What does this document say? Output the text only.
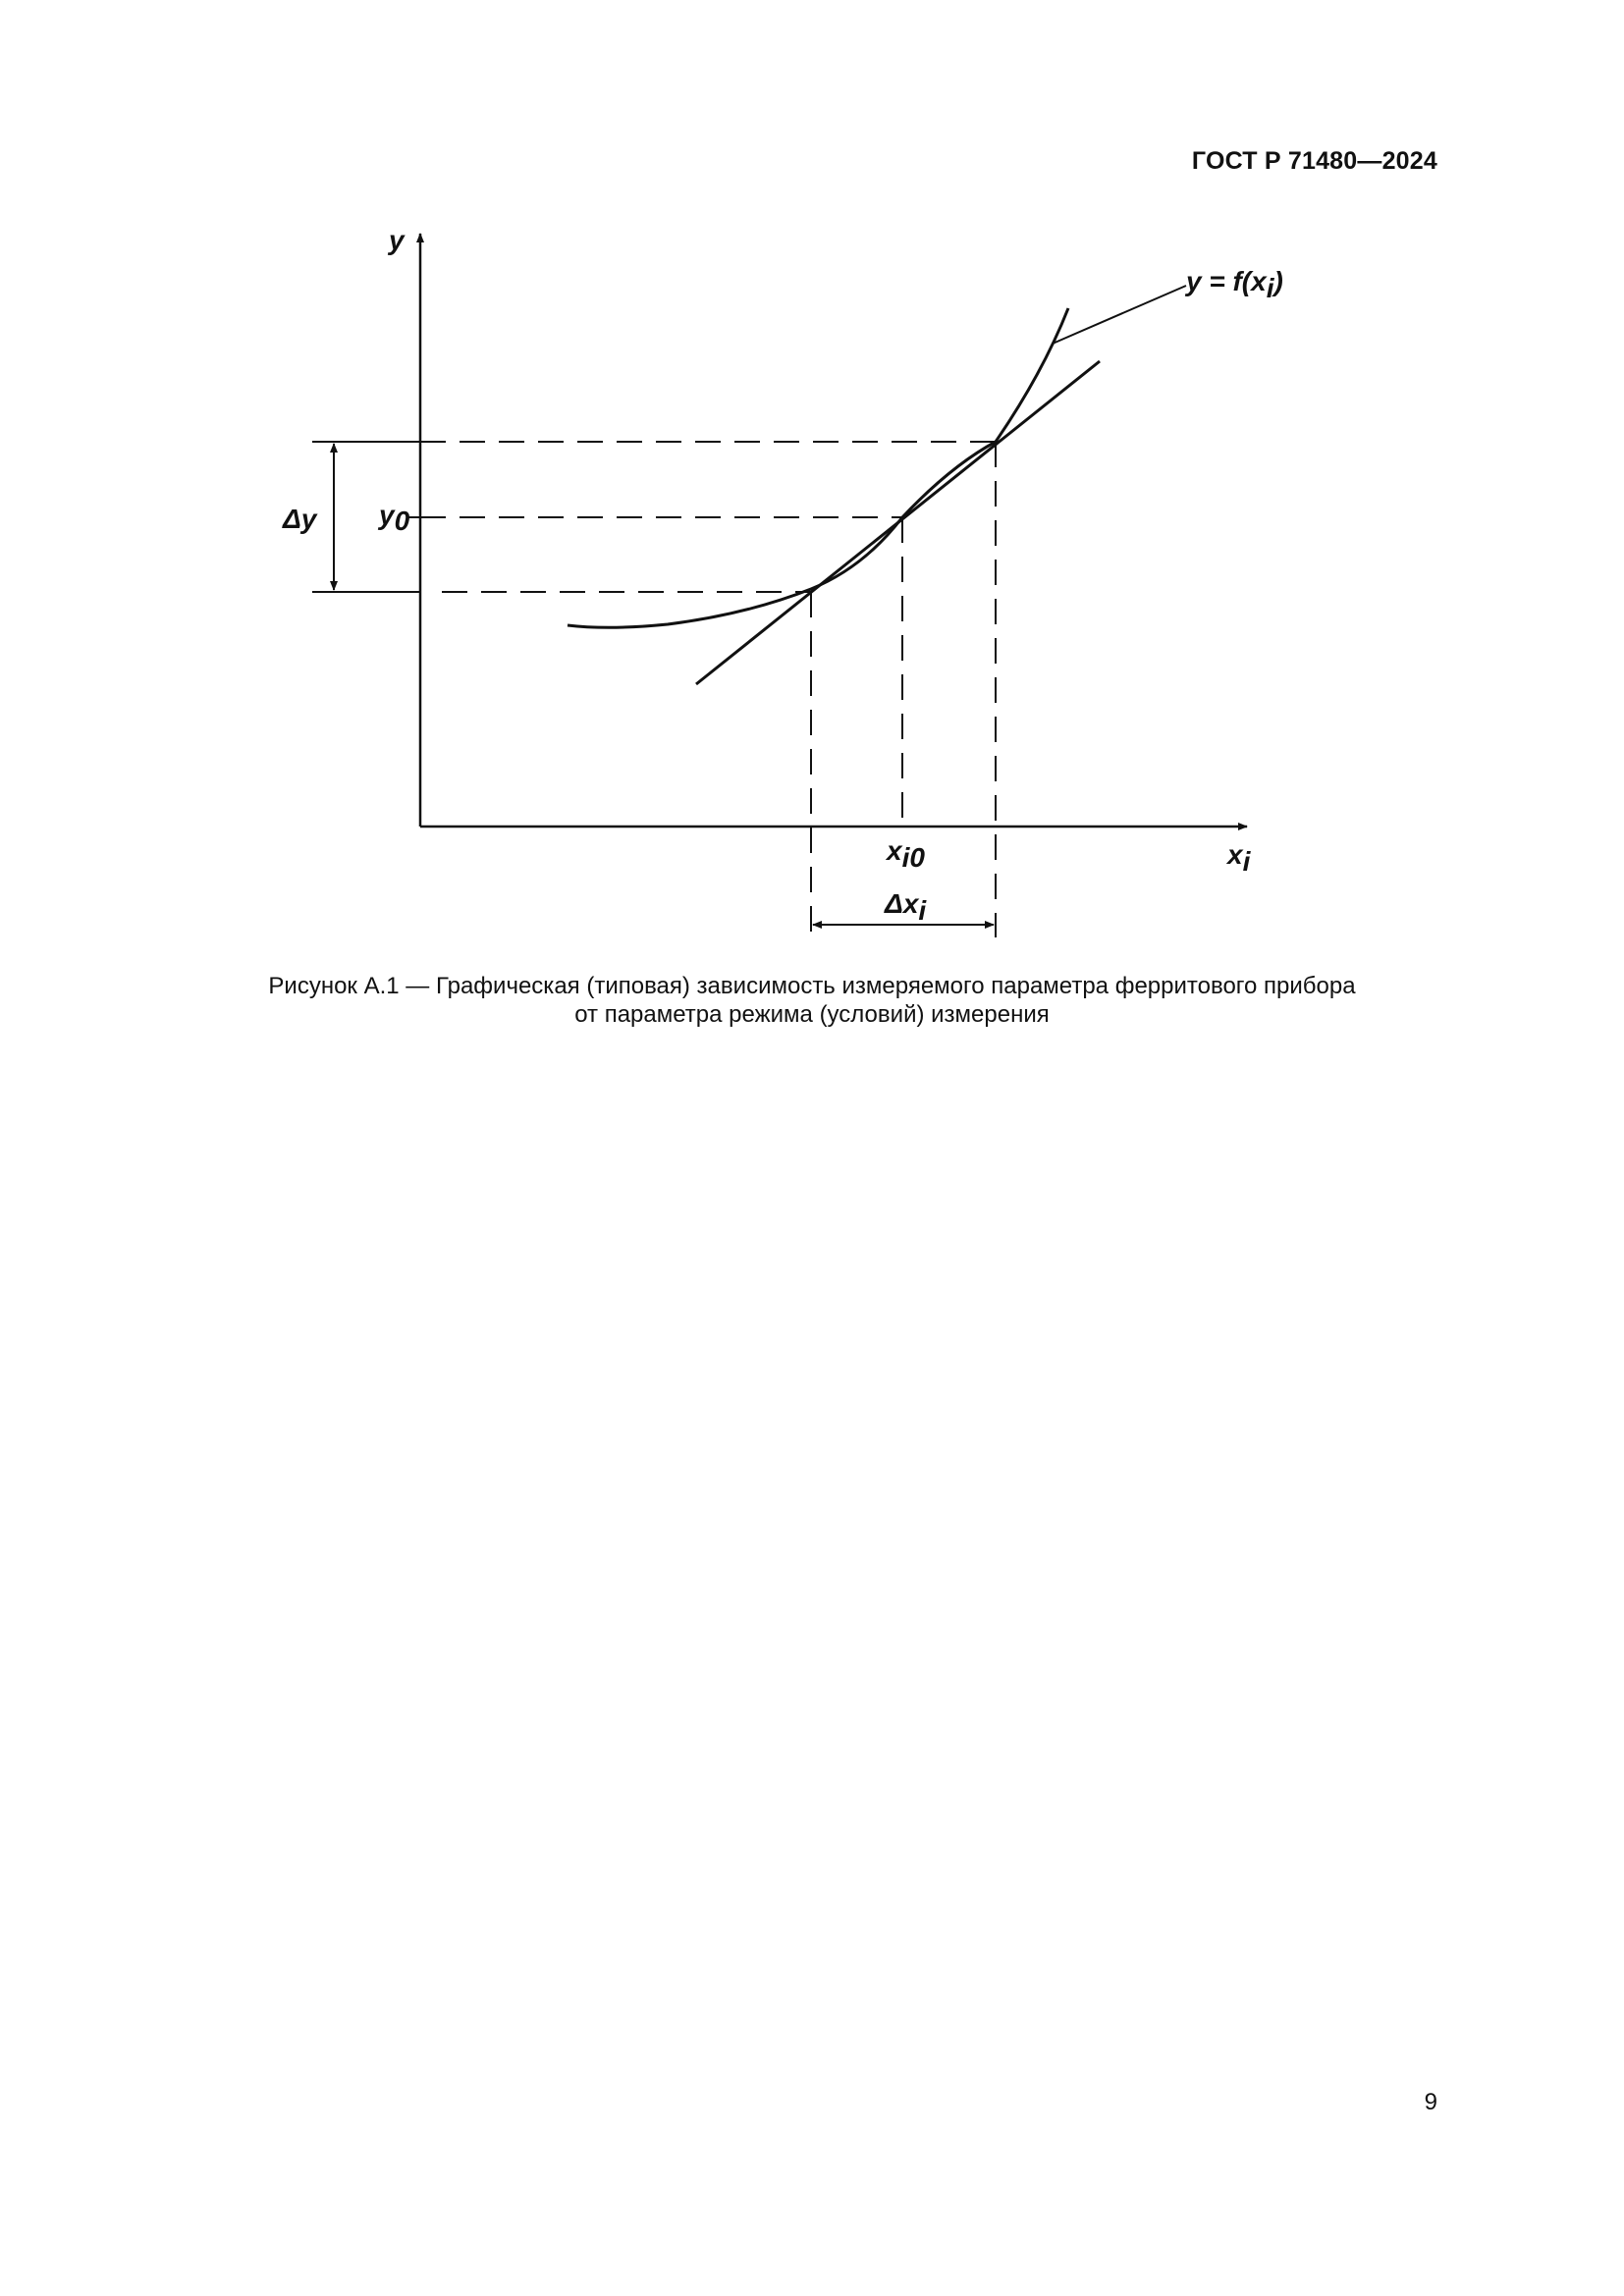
ГОСТ Р 71480—2024
y
xi
y = f(xi)
y0
Δy
xi0
Δxi
Рисунок А.1 — Графическая (типовая) зависимость измеряемого параметра ферритового прибора
от параметра режима (условий) измерения
9
